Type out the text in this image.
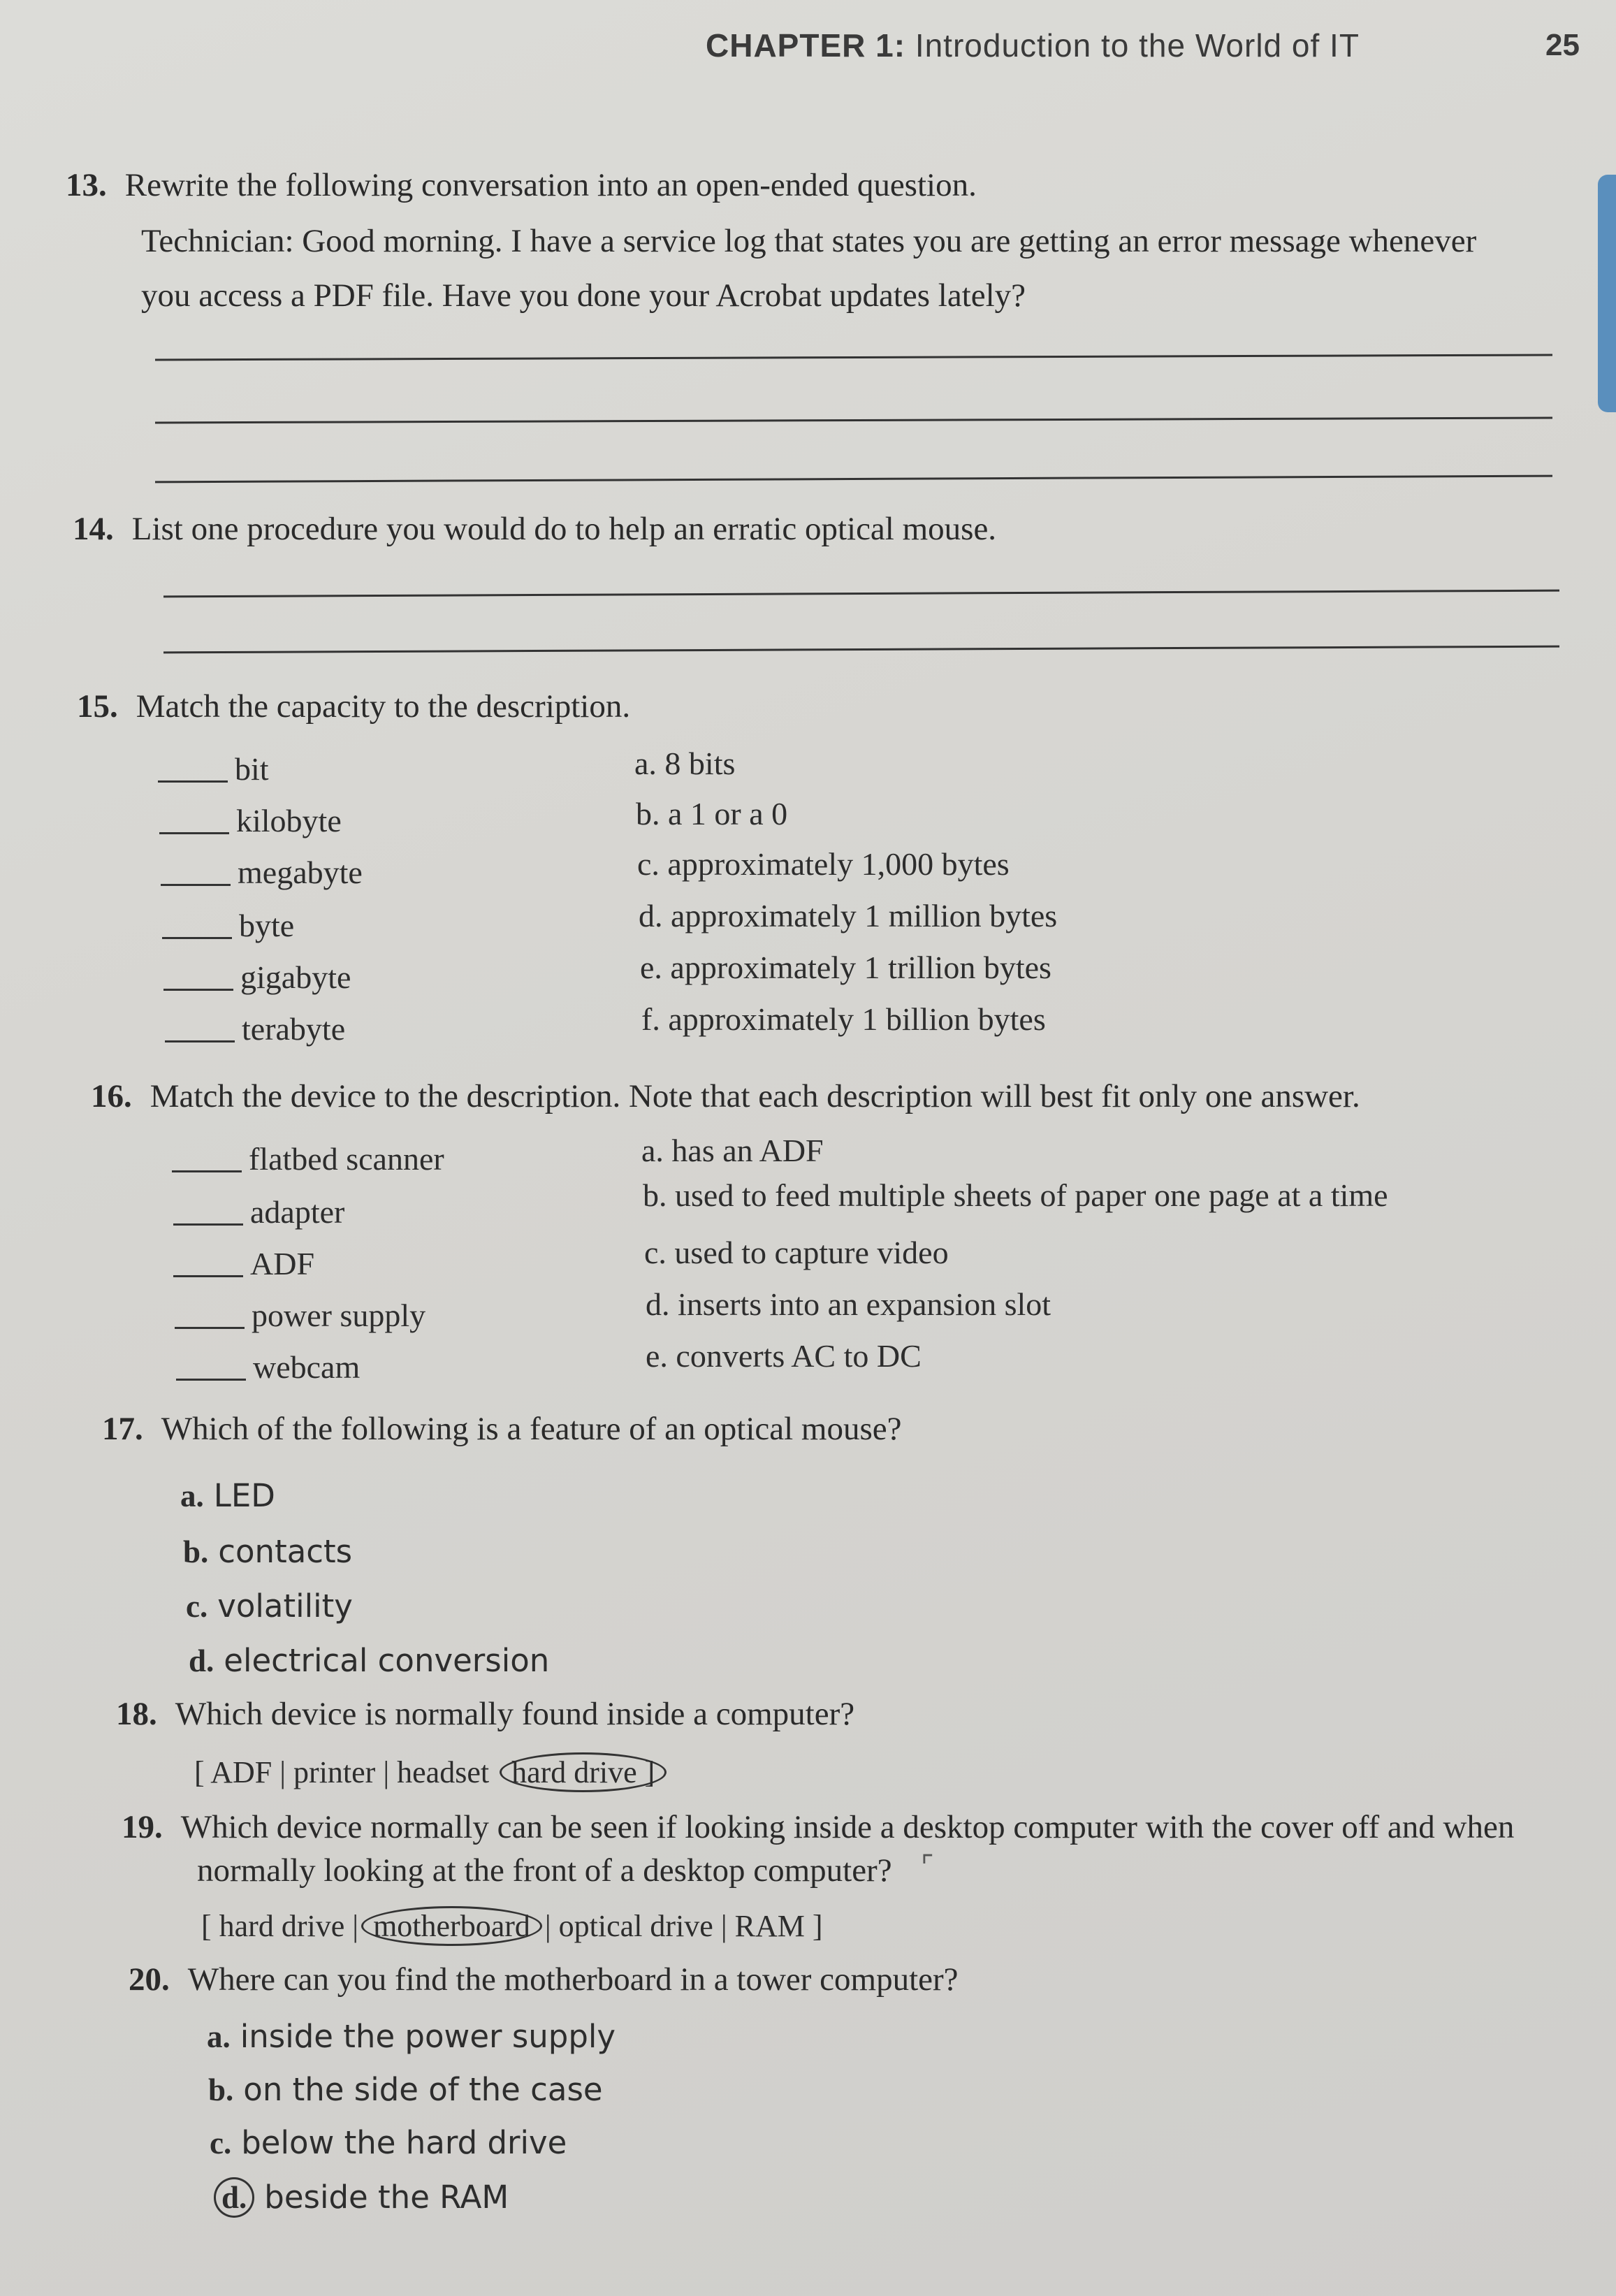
CHAPTER 1: Introduction to the World of IT	25
13. Rewrite the following conversation into an open-ended question.
Technician: Good morning. I have a service log that states you are getting an error message whenever
you access a PDF file. Have you done your Acrobat updates lately?
14. List one procedure you would do to help an erratic optical mouse.
15. Match the capacity to the description.
bit
kilobyte
megabyte
byte
gigabyte
terabyte
a. 8 bits
b. a 1 or a 0
c. approximately 1,000 bytes
d. approximately 1 million bytes
e. approximately 1 trillion bytes
f. approximately 1 billion bytes
16. Match the device to the description. Note that each description will best fit only one answer.
flatbed scanner
adapter
ADF
power supply
webcam
a. has an ADF
b. used to feed multiple sheets of paper one page at a time
c. used to capture video
d. inserts into an expansion slot
e. converts AC to DC
17. Which of the following is a feature of an optical mouse?
a. LED
b. contacts
c. volatility
d. electrical conversion
18. Which device is normally found inside a computer?
[ ADF | printer | headset hard drive ]
19. Which device normally can be seen if looking inside a desktop computer with the cover off and when
normally looking at the front of a desktop computer? ⌜
[ hard drive | motherboard | optical drive | RAM ]
20. Where can you find the motherboard in a tower computer?
a. inside the power supply
b. on the side of the case
c. below the hard drive
d. beside the RAM
